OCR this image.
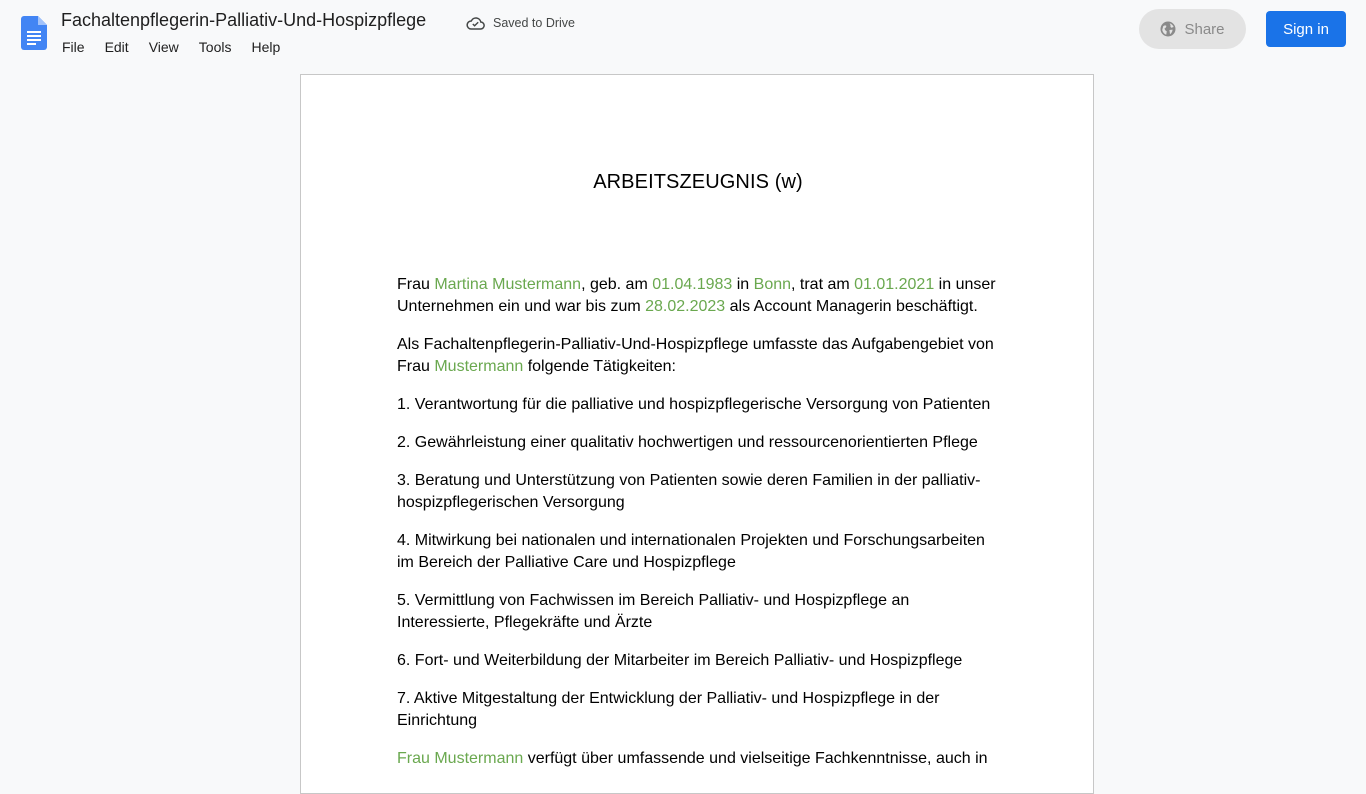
Fachaltenpflegerin-Palliativ-Und-Hospizpflege	Saved to Drive
File	Edit	View	Tools	Help
Share	Sign in
ARBEITSZEUGNIS (w)

Frau Martina Mustermann, geb. am 01.04.1983 in Bonn, trat am 01.01.2021 in unser Unternehmen ein und war bis zum 28.02.2023 als Account Managerin beschäftigt.

Als Fachaltenpflegerin-Palliativ-Und-Hospizpflege umfasste das Aufgabengebiet von Frau Mustermann folgende Tätigkeiten:

1. Verantwortung für die palliative und hospizpflegerische Versorgung von Patienten

2. Gewährleistung einer qualitativ hochwertigen und ressourcenorientierten Pflege

3. Beratung und Unterstützung von Patienten sowie deren Familien in der palliativ-hospizpflegerischen Versorgung

4. Mitwirkung bei nationalen und internationalen Projekten und Forschungsarbeiten im Bereich der Palliative Care und Hospizpflege

5. Vermittlung von Fachwissen im Bereich Palliativ- und Hospizpflege an Interessierte, Pflegekräfte und Ärzte

6. Fort- und Weiterbildung der Mitarbeiter im Bereich Palliativ- und Hospizpflege

7. Aktive Mitgestaltung der Entwicklung der Palliativ- und Hospizpflege in der Einrichtung

Frau Mustermann verfügt über umfassende und vielseitige Fachkenntnisse, auch in
